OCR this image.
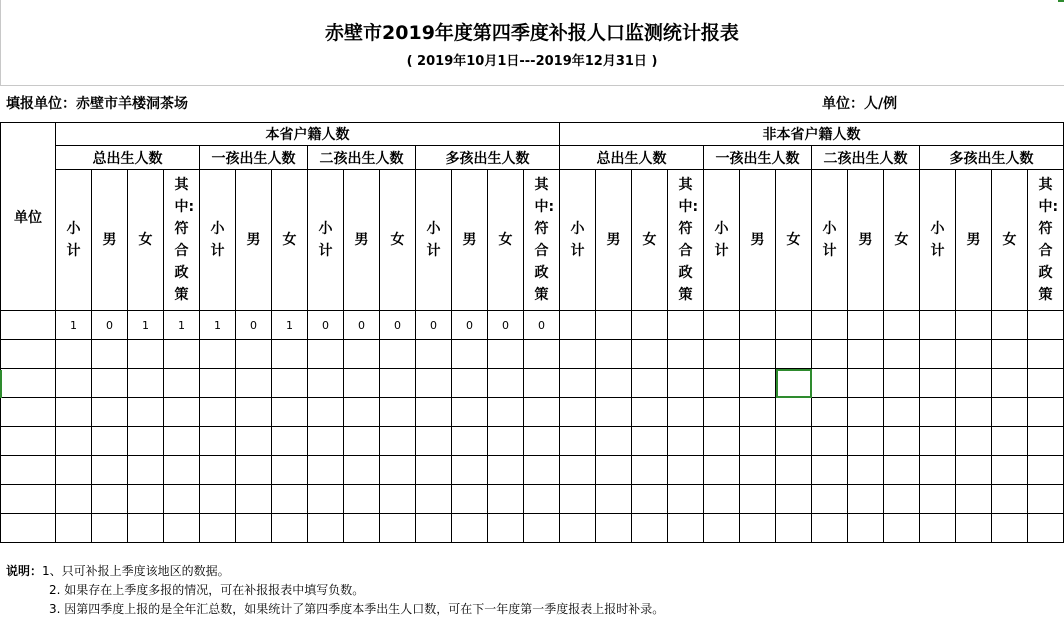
赤壁市2019年度第四季度补报人口监测统计报表
( 2019年10月1日---2019年12月31日 )
填报单位：赤壁市羊楼洞茶场	单位：人/例
单位	本省户籍人数														非本省户籍人数													
	总出生人数				一孩出生人数			二孩出生人数			多孩出生人数				总出生人数				一孩出生人数			二孩出生人数			多孩出生人数			
	小计	男	女	其中:符合政策	小计	男	女	小计	男	女	小计	男	女	其中:符合政策	小计	男	女	其中:符合政策	小计	男	女	小计	男	女	小计	男	女	其中:符合政策
	1	0	1	1	1	0	1	0	0	0	0	0	0	0														

说明：1、只可补报上季度该地区的数据。
2. 如果存在上季度多报的情况，可在补报报表中填写负数。
3. 因第四季度上报的是全年汇总数，如果统计了第四季度本季出生人口数，可在下一年度第一季度报表上报时补录。
